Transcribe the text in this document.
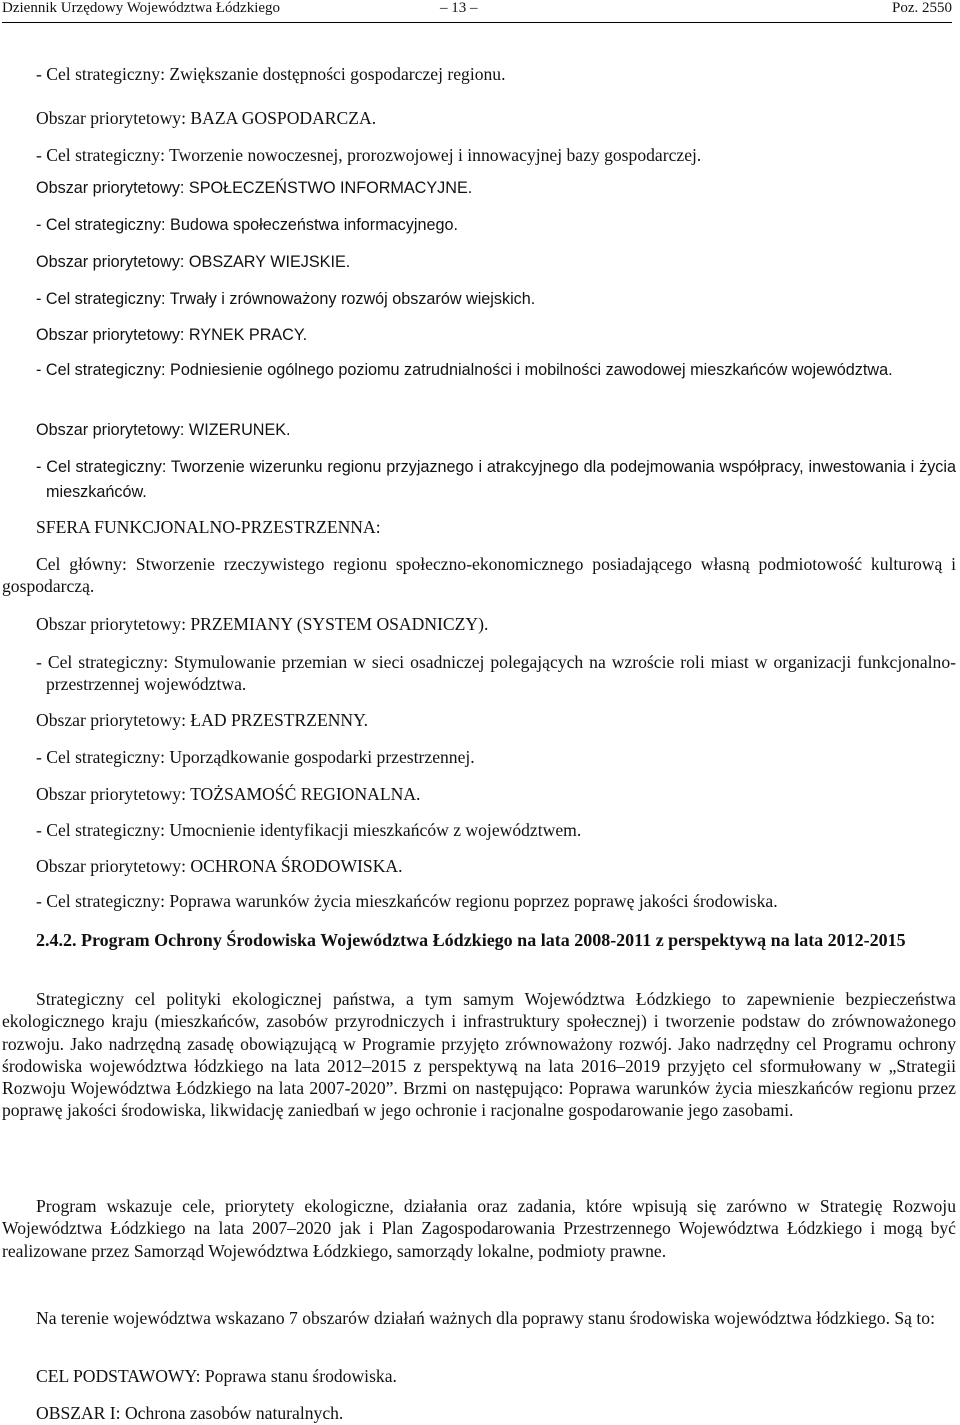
Dziennik Urzędowy Województwa Łódzkiego	– 13 –	Poz. 2550
- Cel strategiczny: Zwiększanie dostępności gospodarczej regionu.
Obszar priorytetowy: BAZA GOSPODARCZA.
- Cel strategiczny: Tworzenie nowoczesnej, prorozwojowej i innowacyjnej bazy gospodarczej.
Obszar priorytetowy: SPOŁECZEŃSTWO INFORMACYJNE.
- Cel strategiczny: Budowa społeczeństwa informacyjnego.
Obszar priorytetowy: OBSZARY WIEJSKIE.
- Cel strategiczny: Trwały i zrównoważony rozwój obszarów wiejskich.
Obszar priorytetowy: RYNEK PRACY.
- Cel strategiczny: Podniesienie ogólnego poziomu zatrudnialności i mobilności zawodowej mieszkańców województwa.
Obszar priorytetowy: WIZERUNEK.
- Cel strategiczny: Tworzenie wizerunku regionu przyjaznego i atrakcyjnego dla podejmowania współpracy, inwestowania i życia mieszkańców.
SFERA FUNKCJONALNO-PRZESTRZENNA:
Cel główny: Stworzenie rzeczywistego regionu społeczno-ekonomicznego posiadającego własną podmiotowość kulturową i gospodarczą.
Obszar priorytetowy: PRZEMIANY (SYSTEM OSADNICZY).
- Cel strategiczny: Stymulowanie przemian w sieci osadniczej polegających na wzroście roli miast w organizacji funkcjonalno-przestrzennej województwa.
Obszar priorytetowy: ŁAD PRZESTRZENNY.
- Cel strategiczny: Uporządkowanie gospodarki przestrzennej.
Obszar priorytetowy: TOŻSAMOŚĆ REGIONALNA.
- Cel strategiczny: Umocnienie identyfikacji mieszkańców z województwem.
Obszar priorytetowy: OCHRONA ŚRODOWISKA.
- Cel strategiczny: Poprawa warunków życia mieszkańców regionu poprzez poprawę jakości środowiska.
2.4.2. Program Ochrony Środowiska Województwa Łódzkiego na lata 2008-2011 z perspektywą na lata 2012-2015
Strategiczny cel polityki ekologicznej państwa, a tym samym Województwa Łódzkiego to zapewnienie bezpieczeństwa ekologicznego kraju (mieszkańców, zasobów przyrodniczych i infrastruktury społecznej) i tworzenie podstaw do zrównoważonego rozwoju. Jako nadrzędną zasadę obowiązującą w Programie przyjęto zrównoważony rozwój. Jako nadrzędny cel Programu ochrony środowiska województwa łódzkiego na lata 2012–2015 z perspektywą na lata 2016–2019 przyjęto cel sformułowany w „Strategii Rozwoju Województwa Łódzkiego na lata 2007-2020”. Brzmi on następująco: Poprawa warunków życia mieszkańców regionu przez poprawę jakości środowiska, likwidację zaniedbań w jego ochronie i racjonalne gospodarowanie jego zasobami.
Program wskazuje cele, priorytety ekologiczne, działania oraz zadania, które wpisują się zarówno w Strategię Rozwoju Województwa Łódzkiego na lata 2007–2020 jak i Plan Zagospodarowania Przestrzennego Województwa Łódzkiego i mogą być realizowane przez Samorząd Województwa Łódzkiego, samorządy lokalne, podmioty prawne.
Na terenie województwa wskazano 7 obszarów działań ważnych dla poprawy stanu środowiska województwa łódzkiego. Są to:
CEL PODSTAWOWY: Poprawa stanu środowiska.
OBSZAR I: Ochrona zasobów naturalnych.
